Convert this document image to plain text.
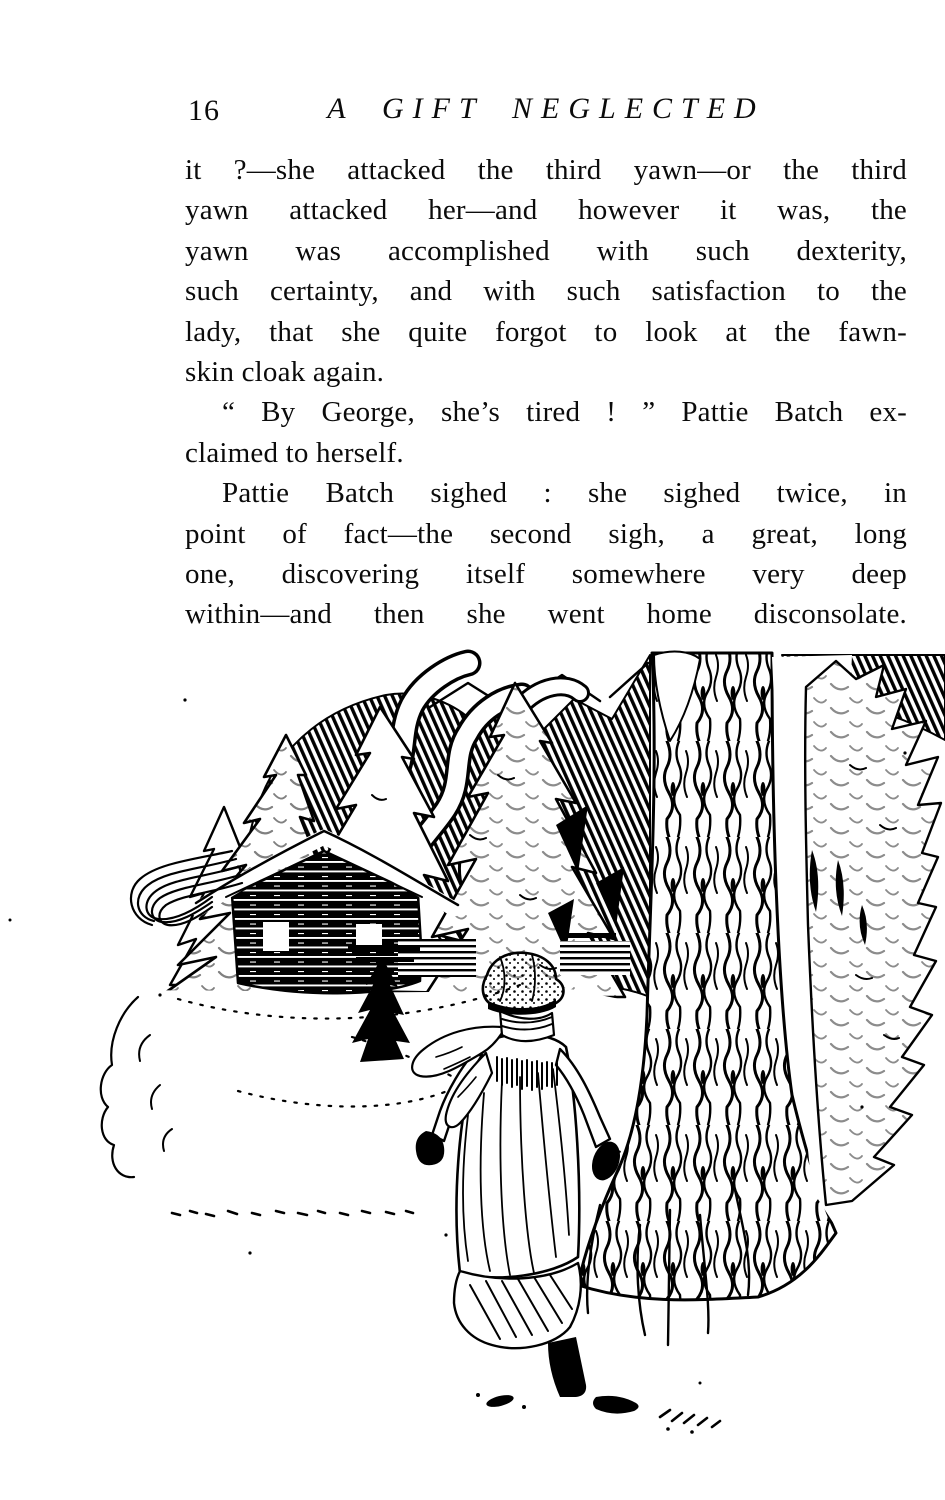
16	A GIFT NEGLECTED
it ?—she attacked the third yawn—or the third
yawn attacked her—and however it was, the
yawn was accomplished with such dexterity,
such certainty, and with such satisfaction to the
lady, that she quite forgot to look at the fawn-
skin cloak again.
“ By George, she’s tired ! ” Pattie Batch ex-
claimed to herself.
Pattie Batch sighed : she sighed twice, in
point of fact—the second sigh, a great, long
one, discovering itself somewhere very deep
within—and then she went home disconsolate.
